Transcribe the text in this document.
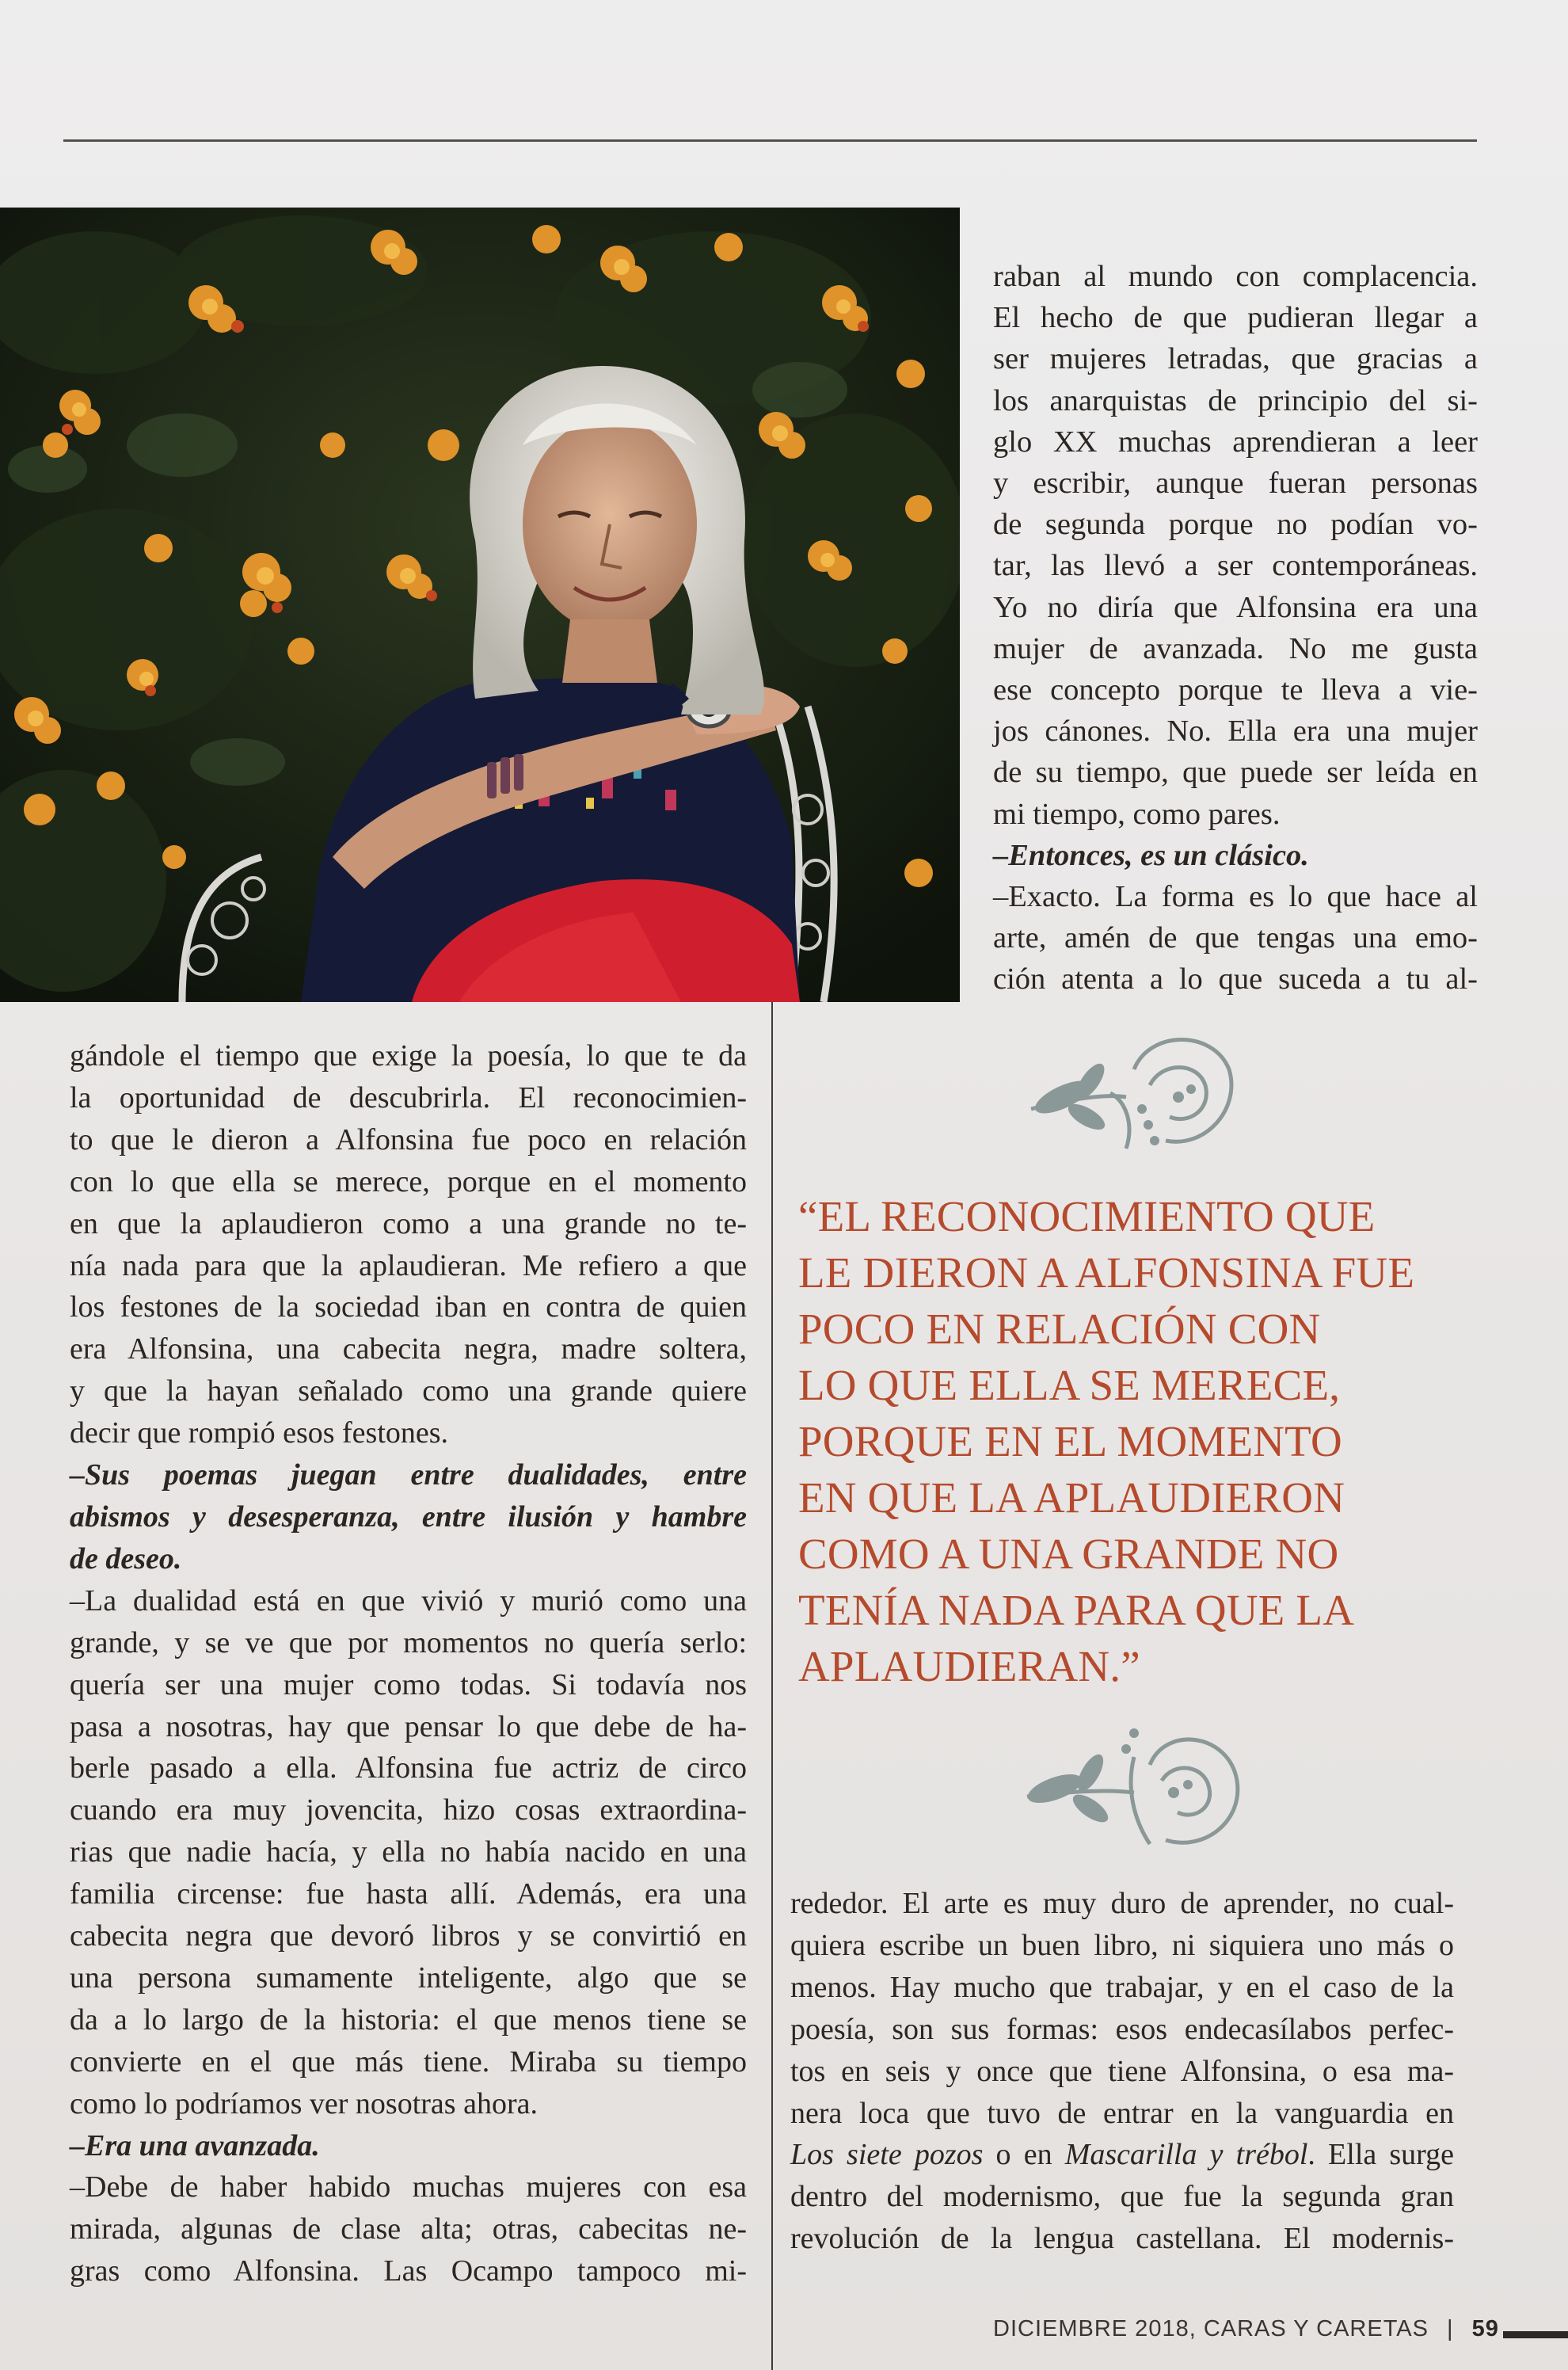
raban al mundo con complacencia.

El hecho de que pudieran llegar a

ser mujeres letradas, que gracias a

los anarquistas de principio del si-

glo XX muchas aprendieran a leer

y escribir, aunque fueran personas

de segunda porque no podían vo-

tar, las llevó a ser contemporáneas.

Yo no diría que Alfonsina era una

mujer de avanzada. No me gusta

ese concepto porque te lleva a vie-

jos cánones. No. Ella era una mujer

de su tiempo, que puede ser leída en

mi tiempo, como pares.

–Entonces, es un clásico.

–Exacto. La forma es lo que hace al

arte, amén de que tengas una emo-

ción atenta a lo que suceda a tu al-

gándole el tiempo que exige la poesía, lo que te da

la oportunidad de descubrirla. El reconocimien-

to que le dieron a Alfonsina fue poco en relación

con lo que ella se merece, porque en el momento

en que la aplaudieron como a una grande no te-

nía nada para que la aplaudieran. Me refiero a que

los festones de la sociedad iban en contra de quien

era Alfonsina, una cabecita negra, madre soltera,

y que la hayan señalado como una grande quiere

decir que rompió esos festones.

–Sus poemas juegan entre dualidades, entre

abismos y desesperanza, entre ilusión y hambre

de deseo.

–La dualidad está en que vivió y murió como una

grande, y se ve que por momentos no quería serlo:

quería ser una mujer como todas. Si todavía nos

pasa a nosotras, hay que pensar lo que debe de ha-

berle pasado a ella. Alfonsina fue actriz de circo

cuando era muy jovencita, hizo cosas extraordina-

rias que nadie hacía, y ella no había nacido en una

familia circense: fue hasta allí. Además, era una

cabecita negra que devoró libros y se convirtió en

una persona sumamente inteligente, algo que se

da a lo largo de la historia: el que menos tiene se

convierte en el que más tiene. Miraba su tiempo

como lo podríamos ver nosotras ahora.

–Era una avanzada.

–Debe de haber habido muchas mujeres con esa

mirada, algunas de clase alta; otras, cabecitas ne-

gras como Alfonsina. Las Ocampo tampoco mi-

“EL RECONOCIMIENTO QUE

LE DIERON A ALFONSINA FUE

POCO EN RELACIÓN CON

LO QUE ELLA SE MERECE,

PORQUE EN EL MOMENTO

EN QUE LA APLAUDIERON

COMO A UNA GRANDE NO

TENÍA NADA PARA QUE LA

APLAUDIERAN.”

rededor. El arte es muy duro de aprender, no cual-

quiera escribe un buen libro, ni siquiera uno más o

menos. Hay mucho que trabajar, y en el caso de la

poesía, son sus formas: esos endecasílabos perfec-

tos en seis y once que tiene Alfonsina, o esa ma-

nera loca que tuvo de entrar en la vanguardia en

Los siete pozos o en Mascarilla y trébol. Ella surge

dentro del modernismo, que fue la segunda gran

revolución de la lengua castellana. El modernis-

DICIEMBRE 2018, CARAS Y CARETAS | 59
